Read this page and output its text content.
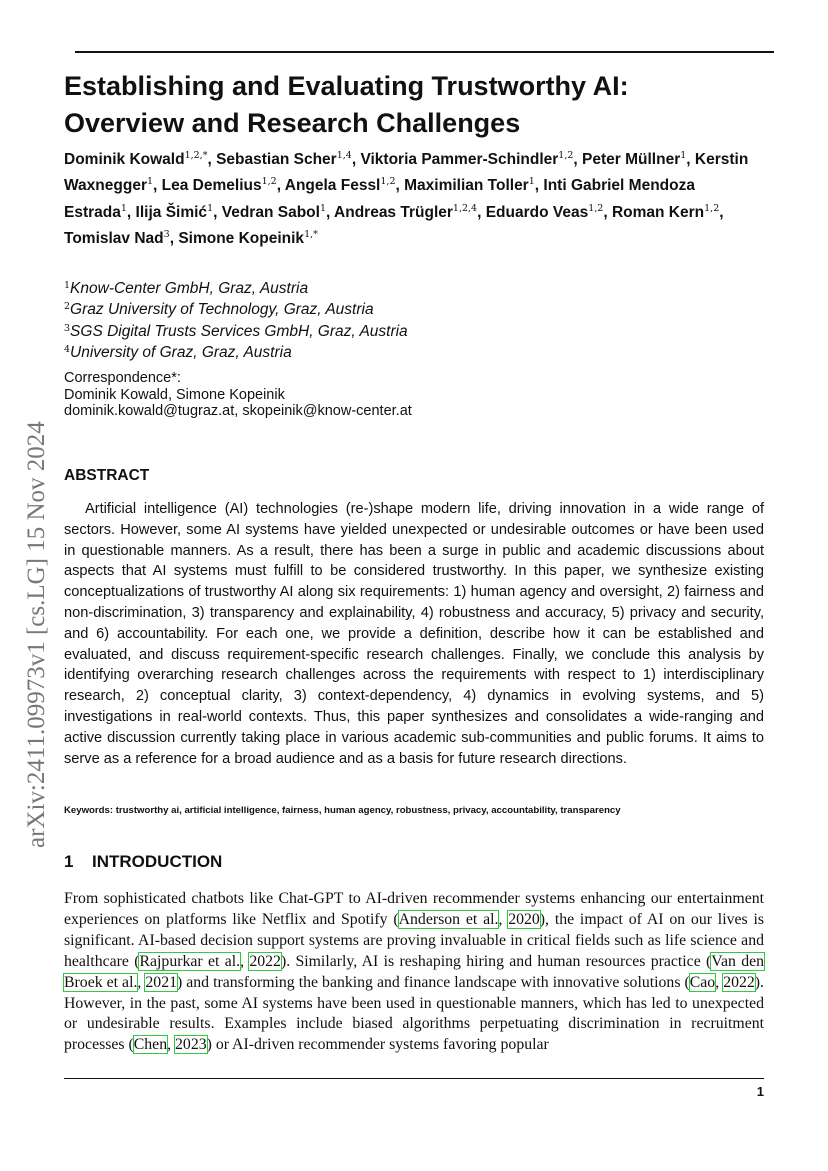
arXiv:2411.09973v1 [cs.LG] 15 Nov 2024
Establishing and Evaluating Trustworthy AI:
Overview and Research Challenges

Dominik Kowald$^{1,2,*}$, Sebastian Scher$^{1,4}$, Viktoria Pammer-Schindler$^{1,2}$, Peter Müllner$^1$, Kerstin Waxnegger$^1$, Lea Demelius$^{1,2}$, Angela Fessl$^{1,2}$, Maximilian Toller$^1$, Inti Gabriel Mendoza Estrada$^1$, Ilija Šimić$^1$, Vedran Sabol$^1$, Andreas Trügler$^{1,2,4}$, Eduardo Veas$^{1,2}$, Roman Kern$^{1,2}$, Tomislav Nad$^3$, Simone Kopeinik$^{1,*}$

$^1$Know-Center GmbH, Graz, Austria
$^2$Graz University of Technology, Graz, Austria
$^3$SGS Digital Trusts Services GmbH, Graz, Austria
$^4$University of Graz, Graz, Austria
Correspondence*:
Dominik Kowald, Simone Kopeinik
dominik.kowald@tugraz.at, skopeinik@know-center.at
ABSTRACT

Artificial intelligence (AI) technologies (re-)shape modern life, driving innovation in a wide range of sectors. However, some AI systems have yielded unexpected or undesirable outcomes or have been used in questionable manners. As a result, there has been a surge in public and academic discussions about aspects that AI systems must fulfill to be considered trustworthy. In this paper, we synthesize existing conceptualizations of trustworthy AI along six requirements: 1) human agency and oversight, 2) fairness and non-discrimination, 3) transparency and explainability, 4) robustness and accuracy, 5) privacy and security, and 6) accountability. For each one, we provide a definition, describe how it can be established and evaluated, and discuss requirement-specific research challenges. Finally, we conclude this analysis by identifying overarching research challenges across the requirements with respect to 1) interdisciplinary research, 2) conceptual clarity, 3) context-dependency, 4) dynamics in evolving systems, and 5) investigations in real-world contexts. Thus, this paper synthesizes and consolidates a wide-ranging and active discussion currently taking place in various academic sub-communities and public forums. It aims to serve as a reference for a broad audience and as a basis for future research directions.

Keywords: trustworthy ai, artificial intelligence, fairness, human agency, robustness, privacy, accountability, transparency

1 INTRODUCTION

From sophisticated chatbots like Chat-GPT to AI-driven recommender systems enhancing our entertainment experiences on platforms like Netflix and Spotify (Anderson et al., 2020), the impact of AI on our lives is significant. AI-based decision support systems are proving invaluable in critical fields such as life science and healthcare (Rajpurkar et al., 2022). Similarly, AI is reshaping hiring and human resources practice (Van den Broek et al., 2021) and transforming the banking and finance landscape with innovative solutions (Cao, 2022). However, in the past, some AI systems have been used in questionable manners, which has led to unexpected or undesirable results. Examples include biased algorithms perpetuating discrimination in recruitment processes (Chen, 2023) or AI-driven recommender systems favoring popular

1
